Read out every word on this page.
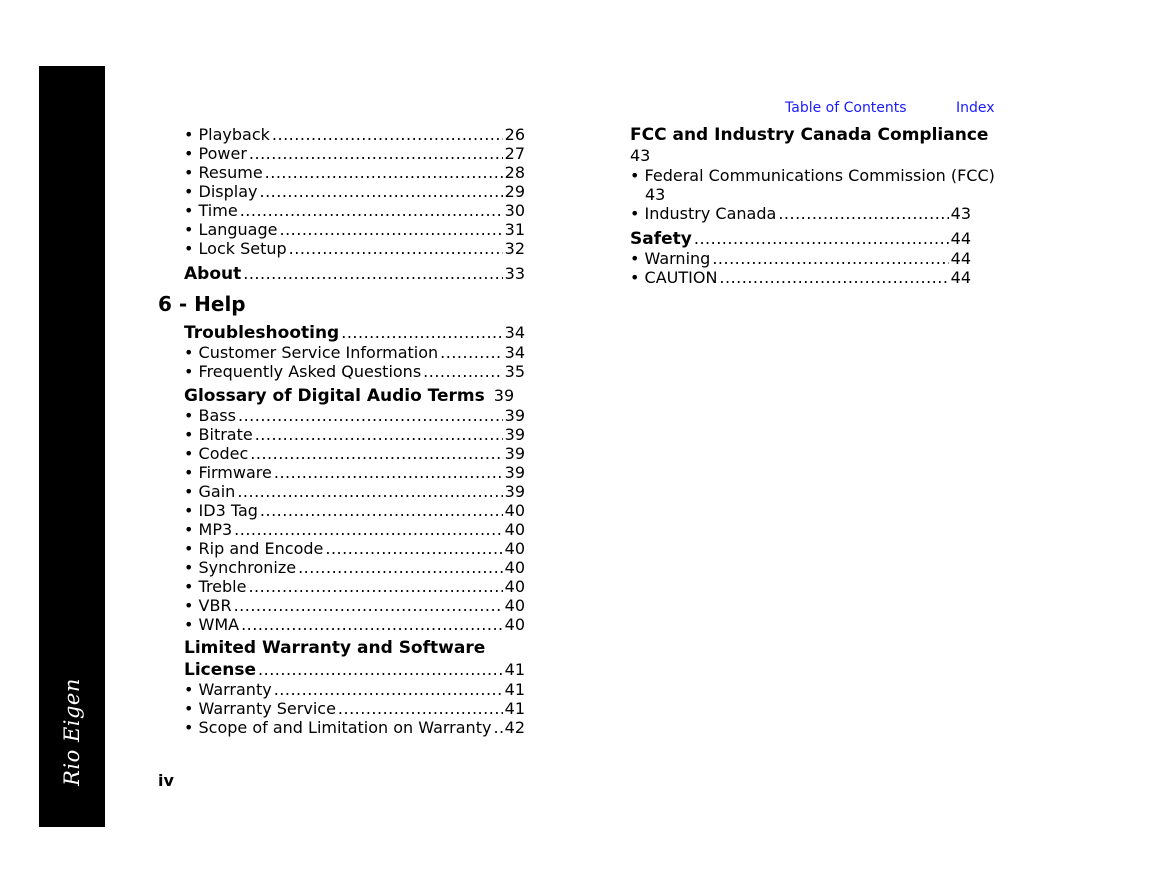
Rio Eigen
Table of Contents	Index
• Playback .....	26
• Power .....	27
• Resume .....	28
• Display .....	29
• Time .....	30
• Language .....	31
• Lock Setup .....	32
About .....	33
6 - Help
Troubleshooting .....	34
• Customer Service Information .....	34
• Frequently Asked Questions .....	35
Glossary of Digital Audio Terms 39
• Bass .....	39
• Bitrate .....	39
• Codec .....	39
• Firmware .....	39
• Gain .....	39
• ID3 Tag .....	40
• MP3 .....	40
• Rip and Encode .....	40
• Synchronize .....	40
• Treble .....	40
• VBR .....	40
• WMA .....	40
Limited Warranty and Software
License .....	41
• Warranty .....	41
• Warranty Service .....	41
• Scope of and Limitation on Warranty ..... 42
FCC and Industry Canada Compliance
43
• Federal Communications Commission (FCC)
43
• Industry Canada .....	43
Safety .....	44
• Warning .....	44
• CAUTION .....	44
iv
